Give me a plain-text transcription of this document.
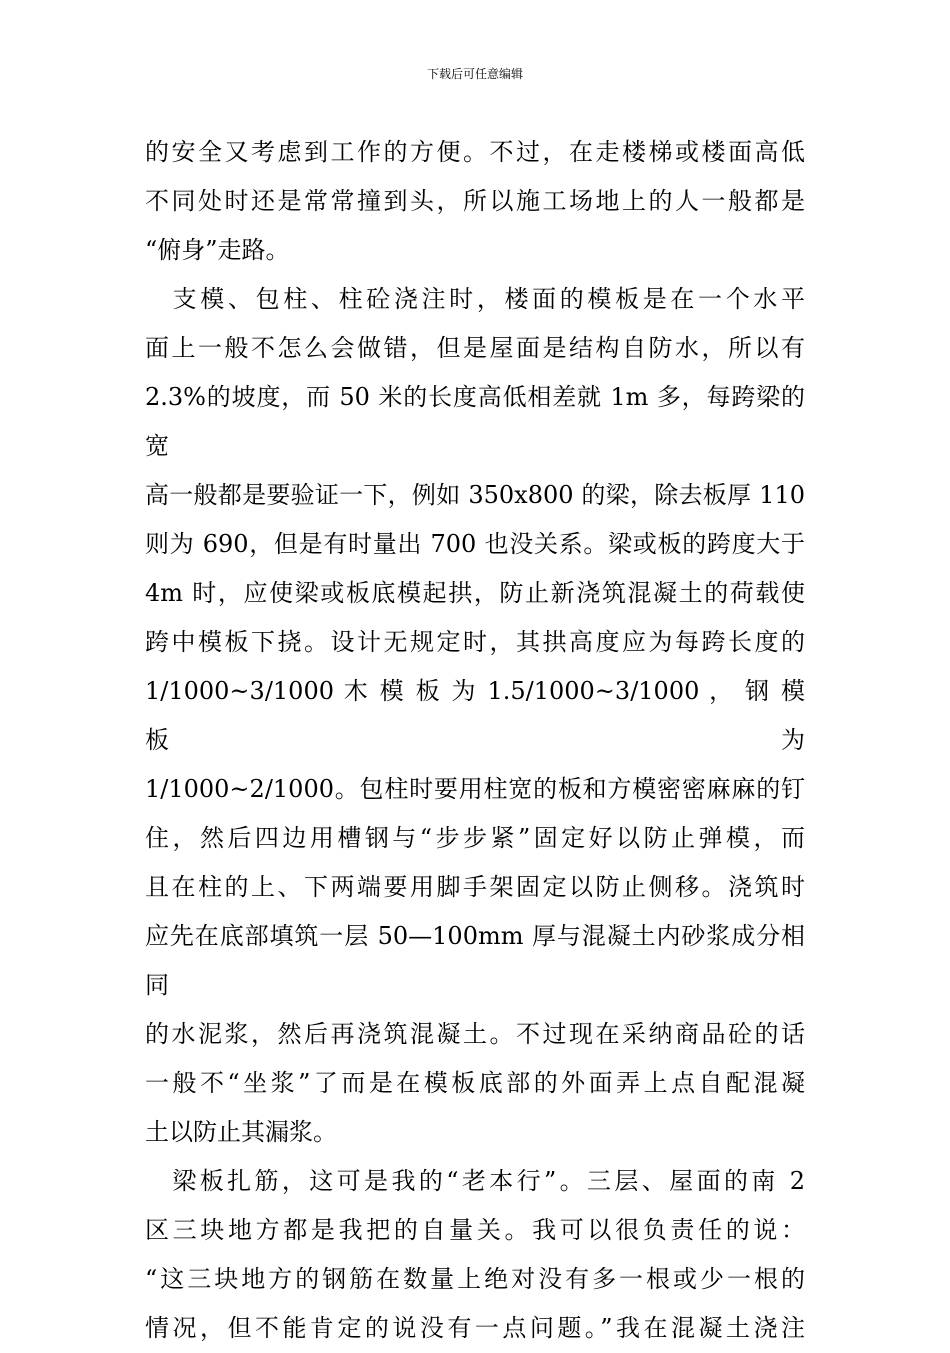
下载后可任意编辑
的安全又考虑到工作的方便。不过，在走楼梯或楼面高低
不同处时还是常常撞到头，所以施工场地上的人一般都是
“俯身”走路。
　支模、包柱、柱砼浇注时，楼面的模板是在一个水平
面上一般不怎么会做错，但是屋面是结构自防水，所以有
2.3%的坡度，而 50 米的长度高低相差就 1m 多，每跨梁的宽
高一般都是要验证一下，例如 350x800 的梁，除去板厚 110
则为 690，但是有时量出 700 也没关系。梁或板的跨度大于
4m 时，应使梁或板底模起拱，防止新浇筑混凝土的荷载使
跨中模板下挠。设计无规定时，其拱高度应为每跨长度的
1/1000~3/1000 木 模 板 为 1.5/1000~3/1000 ， 钢 模 板 为
1/1000~2/1000。包柱时要用柱宽的板和方模密密麻麻的钉
住，然后四边用槽钢与“步步紧”固定好以防止弹模，而
且在柱的上、下两端要用脚手架固定以防止侧移。浇筑时
应先在底部填筑一层 50—100mm 厚与混凝土内砂浆成分相同
的水泥浆，然后再浇筑混凝土。不过现在采纳商品砼的话
一般不“坐浆”了而是在模板底部的外面弄上点自配混凝
土以防止其漏浆。
　梁板扎筋，这可是我的“老本行”。三层、屋面的南 2
区三块地方都是我把的自量关。我可以很负责任的说：
“这三块地方的钢筋在数量上绝对没有多一根或少一根的
情况，但不能肯定的说没有一点问题。”我在混凝土浇注
